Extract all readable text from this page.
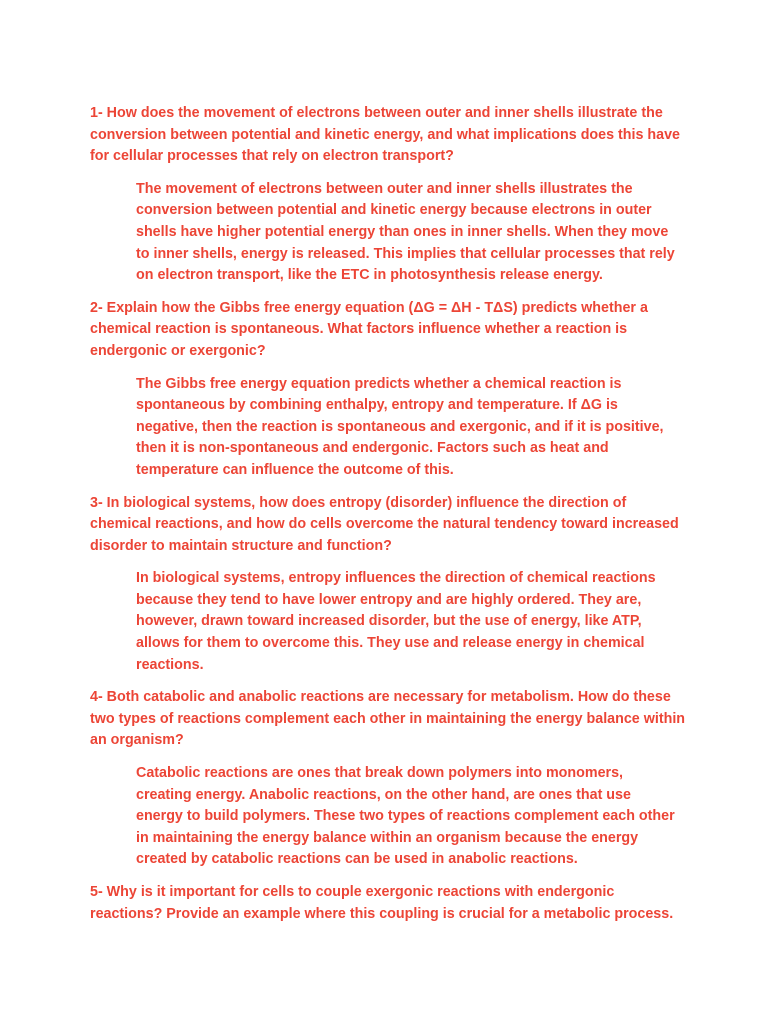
1- How does the movement of electrons between outer and inner shells illustrate the conversion between potential and kinetic energy, and what implications does this have for cellular processes that rely on electron transport?

The movement of electrons between outer and inner shells illustrates the conversion between potential and kinetic energy because electrons in outer shells have higher potential energy than ones in inner shells. When they move to inner shells, energy is released. This implies that cellular processes that rely on electron transport, like the ETC in photosynthesis release energy.

2- Explain how the Gibbs free energy equation (ΔG = ΔH - TΔS) predicts whether a chemical reaction is spontaneous. What factors influence whether a reaction is endergonic or exergonic?

The Gibbs free energy equation predicts whether a chemical reaction is spontaneous by combining enthalpy, entropy and temperature. If ΔG is negative, then the reaction is spontaneous and exergonic, and if it is positive, then it is non-spontaneous and endergonic. Factors such as heat and temperature can influence the outcome of this.

3- In biological systems, how does entropy (disorder) influence the direction of chemical reactions, and how do cells overcome the natural tendency toward increased disorder to maintain structure and function?

In biological systems, entropy influences the direction of chemical reactions because they tend to have lower entropy and are highly ordered. They are, however, drawn toward increased disorder, but the use of energy, like ATP, allows for them to overcome this. They use and release energy in chemical reactions.

4- Both catabolic and anabolic reactions are necessary for metabolism. How do these two types of reactions complement each other in maintaining the energy balance within an organism?

Catabolic reactions are ones that break down polymers into monomers, creating energy. Anabolic reactions, on the other hand, are ones that use energy to build polymers. These two types of reactions complement each other in maintaining the energy balance within an organism because the energy created by catabolic reactions can be used in anabolic reactions.

5- Why is it important for cells to couple exergonic reactions with endergonic reactions? Provide an example where this coupling is crucial for a metabolic process.
